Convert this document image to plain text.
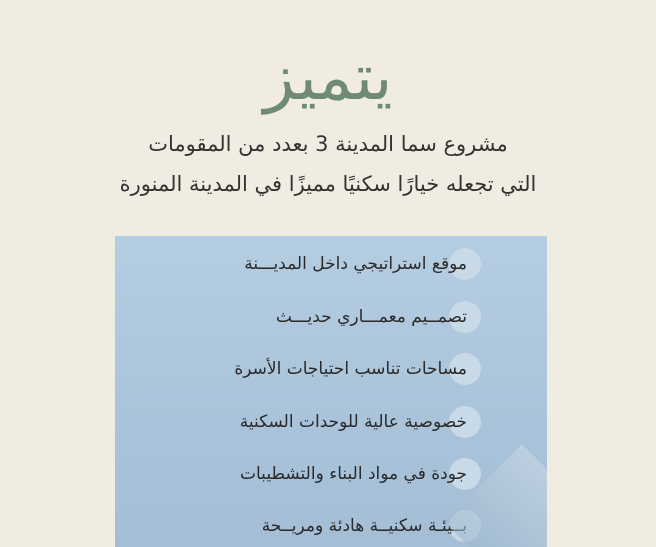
يتميز
مشروع سما المدينة 3 بعدد من المقومات
التي تجعله خيارًا سكنيًا مميزًا في المدينة المنورة
موقع استراتيجي داخل المديـــنة
تصمــيم معمـــاري حديـــث
مساحات تناسب احتياجات الأسرة
خصوصية عالية للوحدات السكنية
جودة في مواد البناء والتشطيبات
بــيئـة سكنيــة هادئة ومريــحة
